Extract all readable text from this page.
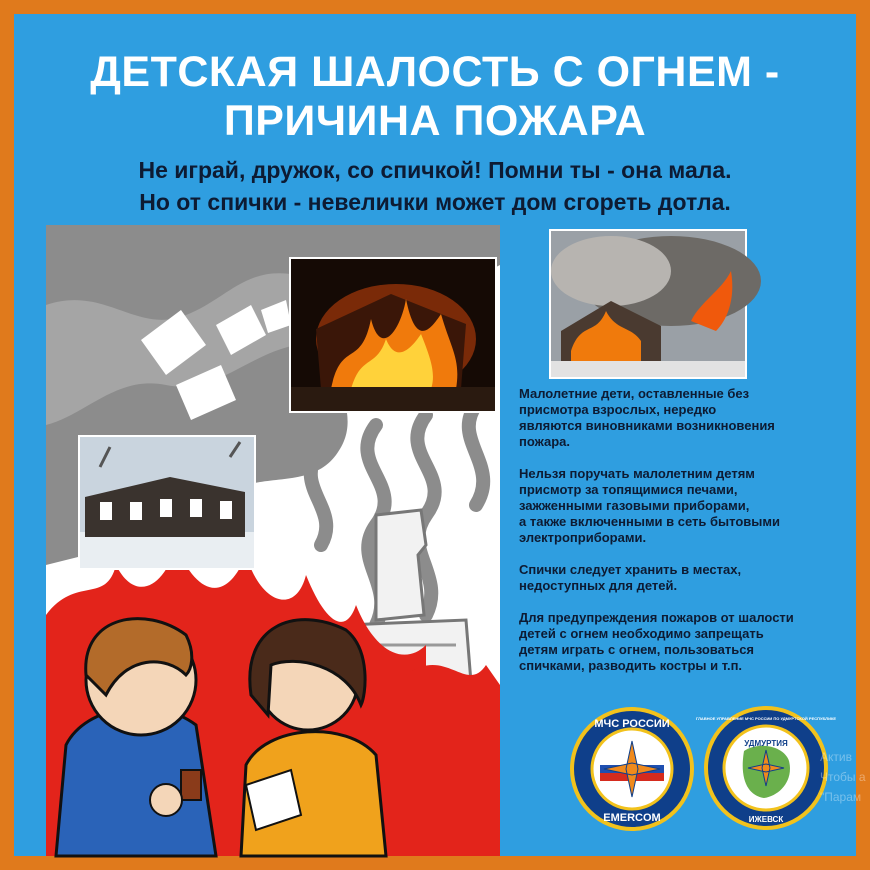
ДЕТСКАЯ ШАЛОСТЬ С ОГНЕМ -
ПРИЧИНА ПОЖАРА
Не играй, дружок, со спичкой! Помни ты - она мала.
Но от спички - невелички может дом сгореть дотла.

Малолетние дети, оставленные без
присмотра взрослых, нередко
являются виновниками возникновения
пожара.

Нельзя поручать малолетним детям
присмотр за топящимися печами,
зажженными газовыми приборами,
а также включенными в сеть бытовыми
электроприборами.

Спички следует хранить в местах,
недоступных для детей.

Для предупреждения пожаров от шалости
детей с огнем необходимо запрещать
детям играть с огнем, пользоваться
спичками, разводить костры и т.п.

МЧС РОССИИ
EMERCOM
УДМУРТИЯ
ИЖЕВСК
ГЛАВНОЕ УПРАВЛЕНИЕ МЧС РОССИИ ПО УДМУРТСКОЙ РЕСПУБЛИКЕ
Актив
Чтобы а
"Парам
